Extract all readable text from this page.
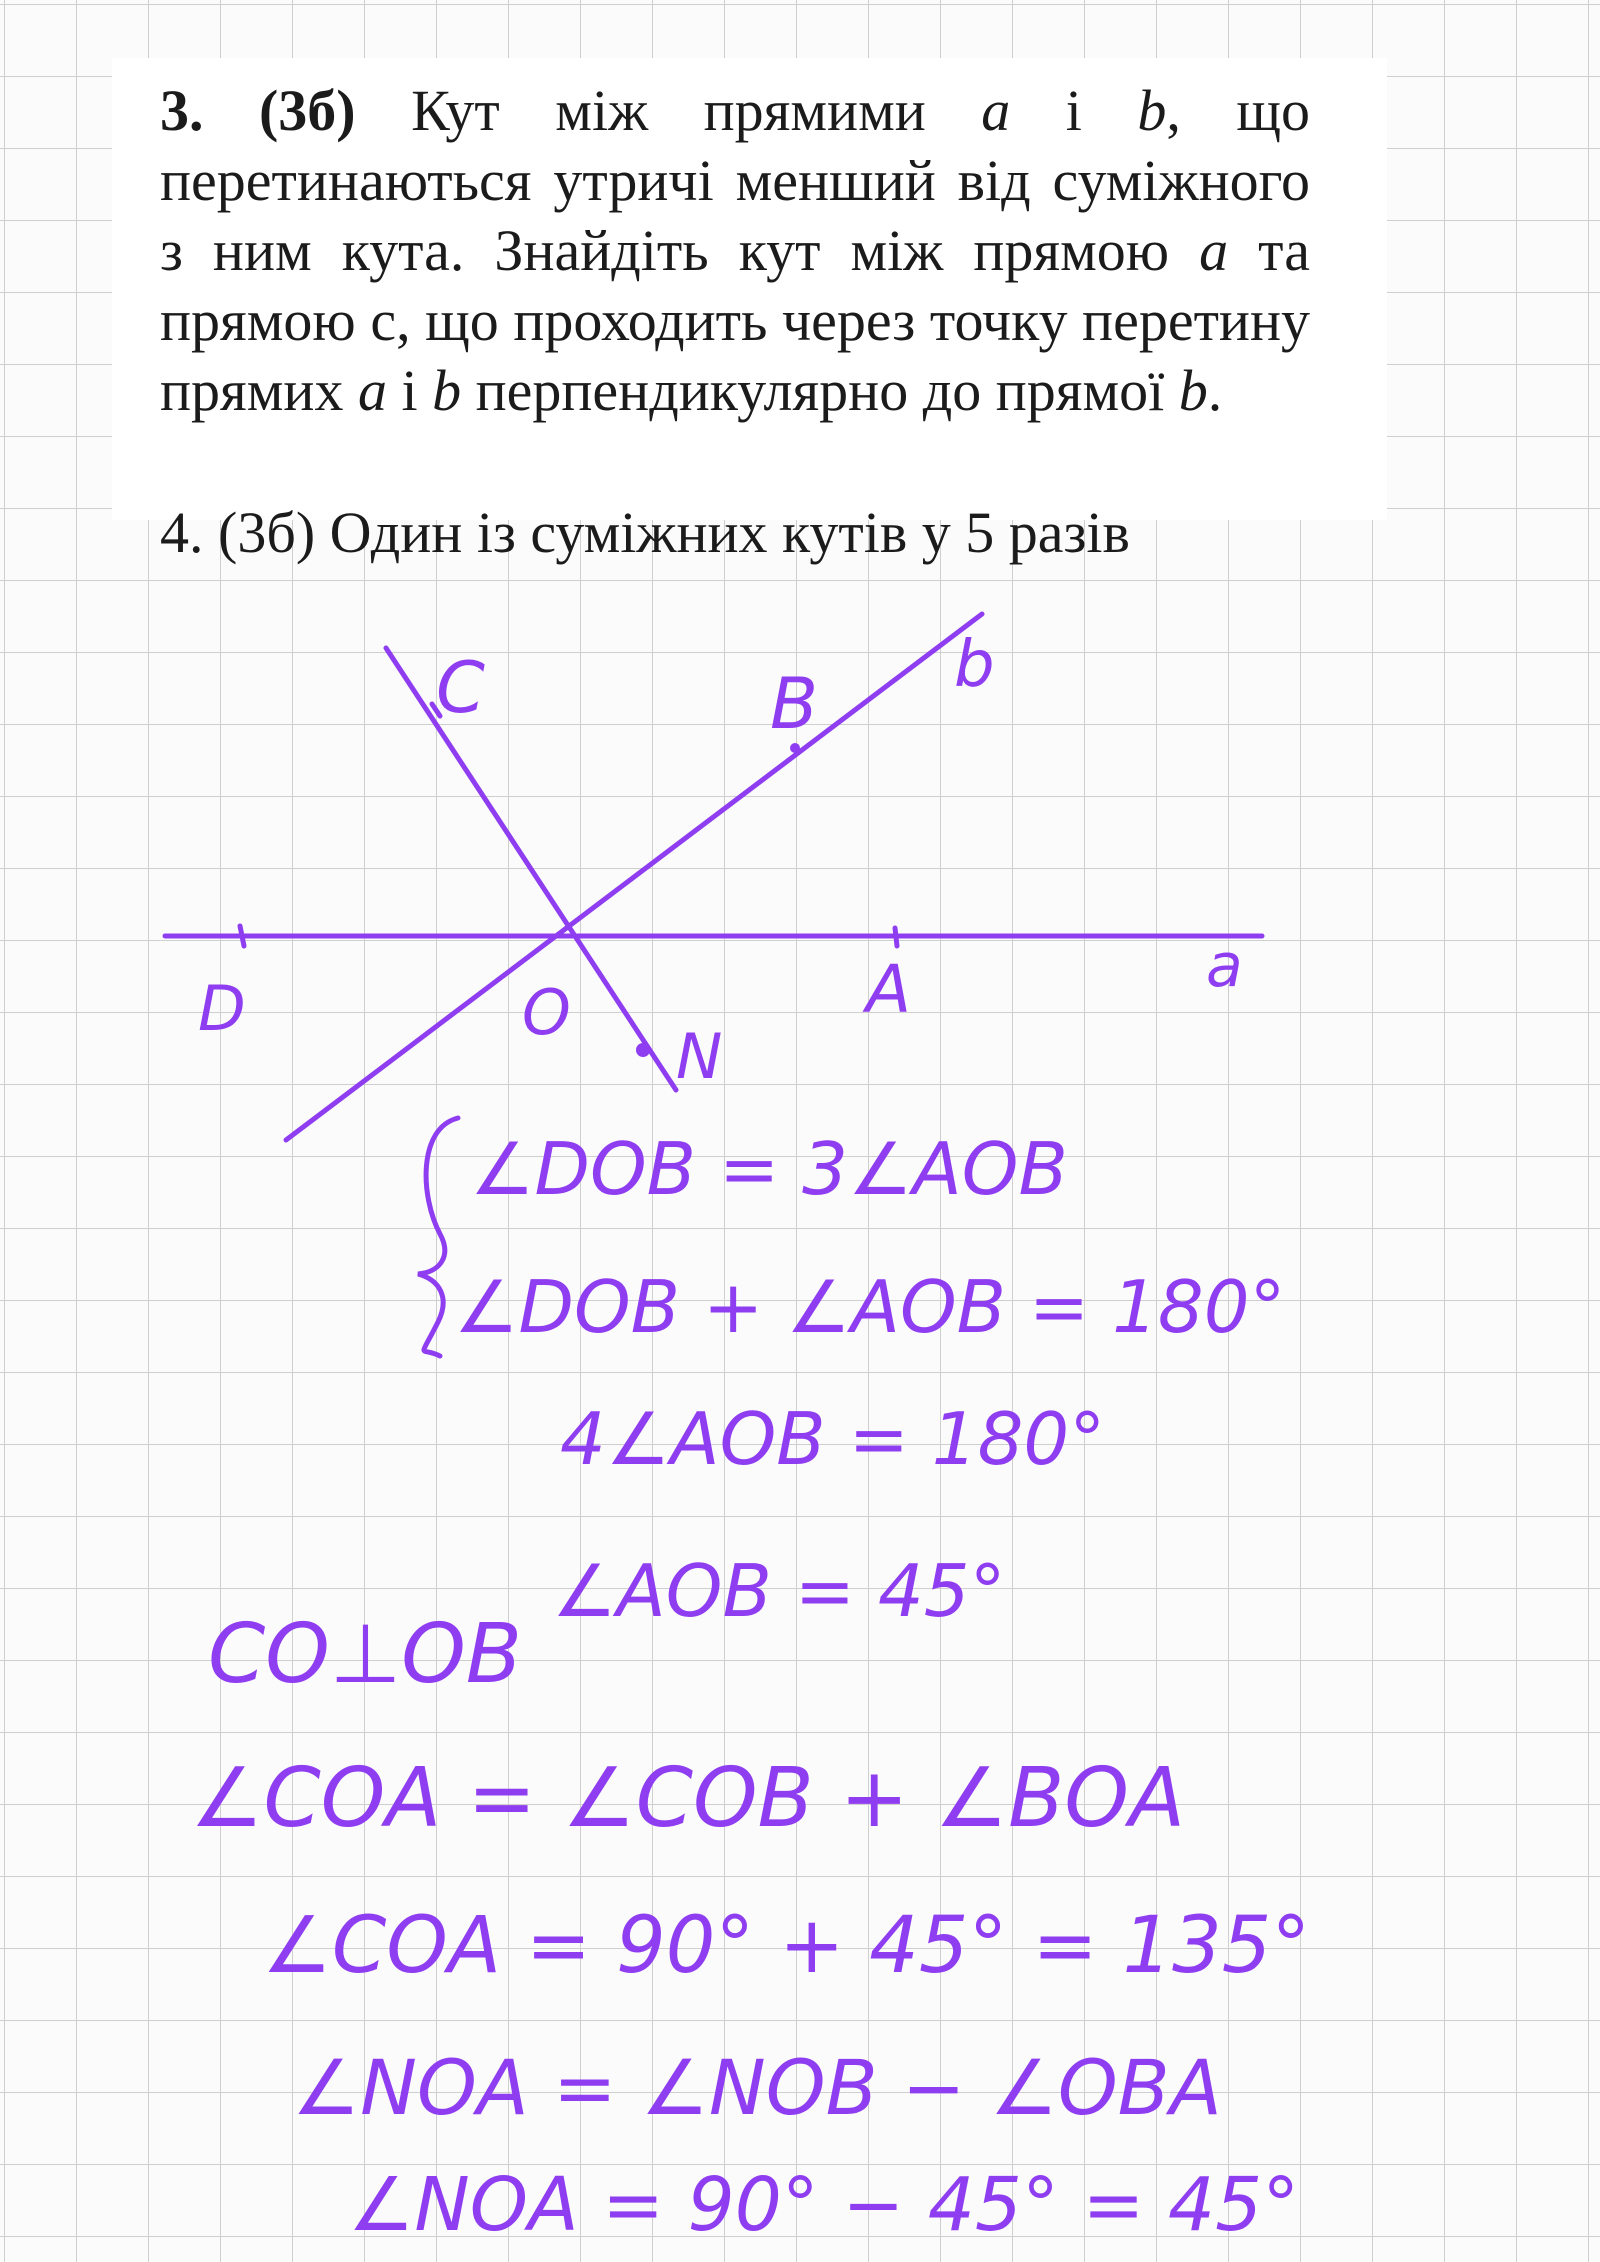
3. (3б) Кут між прямими a і b, що перетинаються утричі менший від суміжного з ним кута. Знайдіть кут між прямою a та прямою с, що проходить через точку перетину прямих a і b перпендикулярно до прямої b.
4. (3б) Один із суміжних кутів у 5 разів
C	B b
D	O	A	a
N
∠DOB = 3∠AOB
∠DOB + ∠AOB = 180°
4∠AOB = 180°
∠AOB = 45°
CO⊥OB
∠COA = ∠COB + ∠BOA
∠COA = 90° + 45° = 135°
∠NOA = ∠NOB − ∠OBA
∠NOA = 90° − 45° = 45°
